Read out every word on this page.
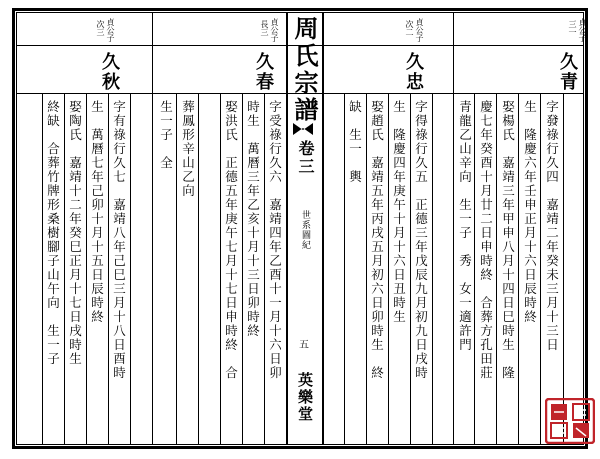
周氏宗譜
卷三
世系圖紀
五
英樂堂
三一 貞公子
久青
字發祿行久四　嘉靖二年癸未三月十三日
生　隆慶六年壬申正月十六日辰時終
娶楊氏　嘉靖三年甲申八月十四日巳時生　隆
慶七年癸酉十月廿二日申時終　合葬方孔田莊
青龍乙山辛向　生一子　秀　女一適許門
次二 貞公子
久忠
字得祿行久五　正德三年戊辰九月初九日戌時
生　隆慶四年庚午十月十六日丑時生
娶趙氏　嘉靖五年丙戌五月初六日卯時生　終
缺　生一　輿
長三 貞公子
久春
字受祿行久六　嘉靖四年乙酉十一月十六日卯
時生　萬曆三年乙亥十月十三日卯時終
娶洪氏　正德五年庚午七月十七日申時終　合
葬鳳形辛山乙向
生一子　全
次三 貞公子
久秋
字有祿行久七　嘉靖八年己巳三月十八日酉時
生　萬曆七年己卯十月十五日辰時終
娶陶氏　嘉靖十二年癸巳正月十七日戌時生
終缺　合葬竹牌形桑樹腳子山午向　生一子
